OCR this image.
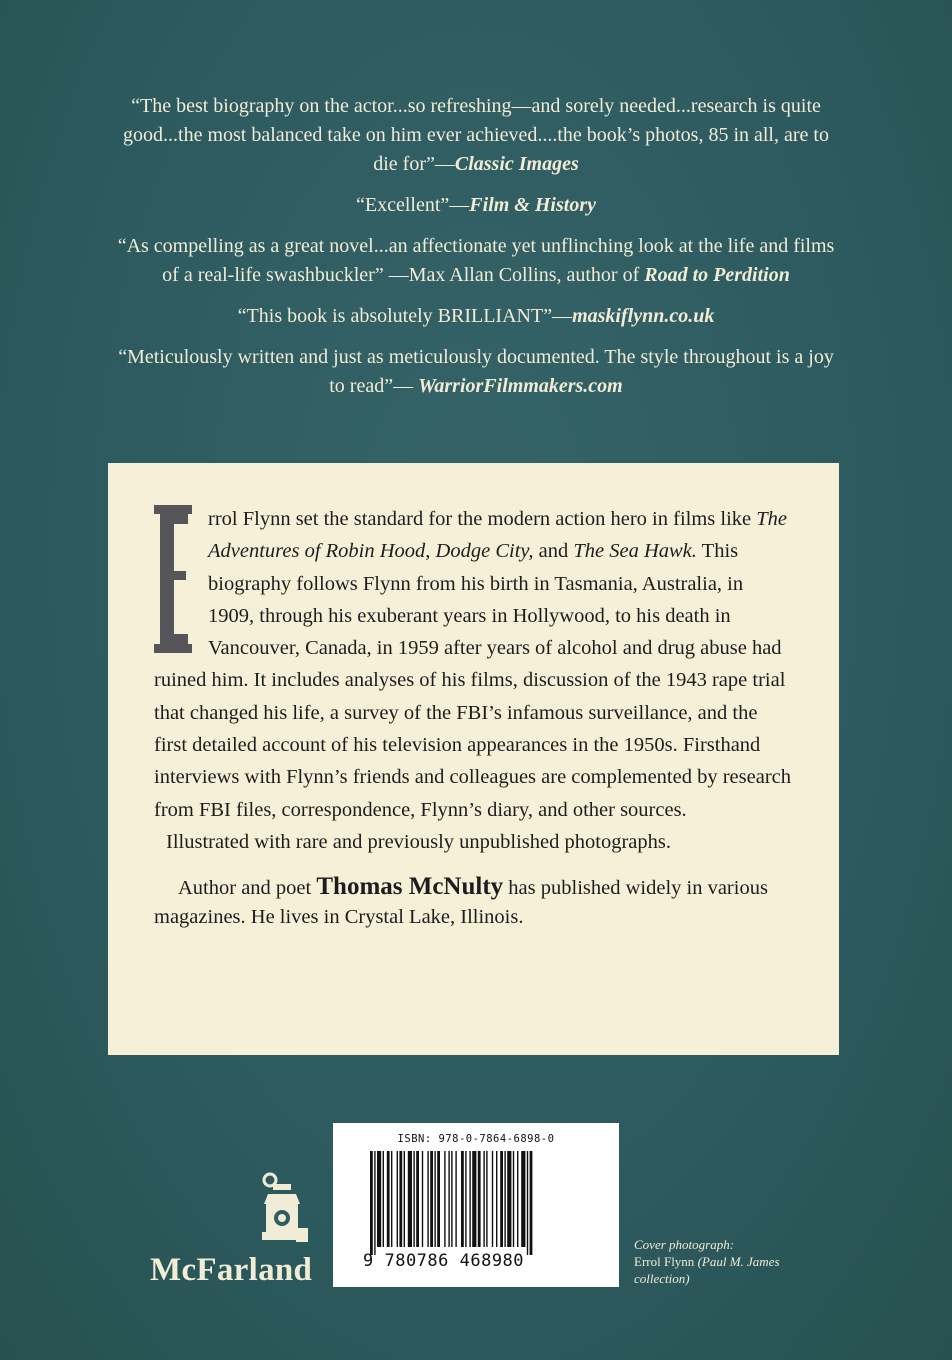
“The best biography on the actor...so refreshing—and sorely needed...research is quite good...the most balanced take on him ever achieved....the book’s photos, 85 in all, are to die for”—Classic Images

“Excellent”—Film & History

“As compelling as a great novel...an affectionate yet unflinching look at the life and films of a real-life swashbuckler” —Max Allan Collins, author of Road to Perdition

“This book is absolutely BRILLIANT”—maskiflynn.co.uk

“Meticulously written and just as meticulously documented. The style throughout is a joy to read”— WarriorFilmmakers.com

rrol Flynn set the standard for the modern action hero in films like The Adventures of Robin Hood, Dodge City, and The Sea Hawk. This biography follows Flynn from his birth in Tasmania, Australia, in 1909, through his exuberant years in Hollywood, to his death in Vancouver, Canada, in 1959 after years of alcohol and drug abuse had ruined him. It includes analyses of his films, discussion of the 1943 rape trial that changed his life, a survey of the FBI’s infamous surveillance, and the first detailed account of his television appearances in the 1950s. Firsthand interviews with Flynn’s friends and colleagues are complemented by research from FBI files, correspondence, Flynn’s diary, and other sources.
Illustrated with rare and previously unpublished photographs.

Author and poet Thomas McNulty has published widely in various magazines. He lives in Crystal Lake, Illinois.

McFarland
ISBN: 978-0-7864-6898-0
9 780786 468980
Cover photograph:
Errol Flynn (Paul M. James collection)
